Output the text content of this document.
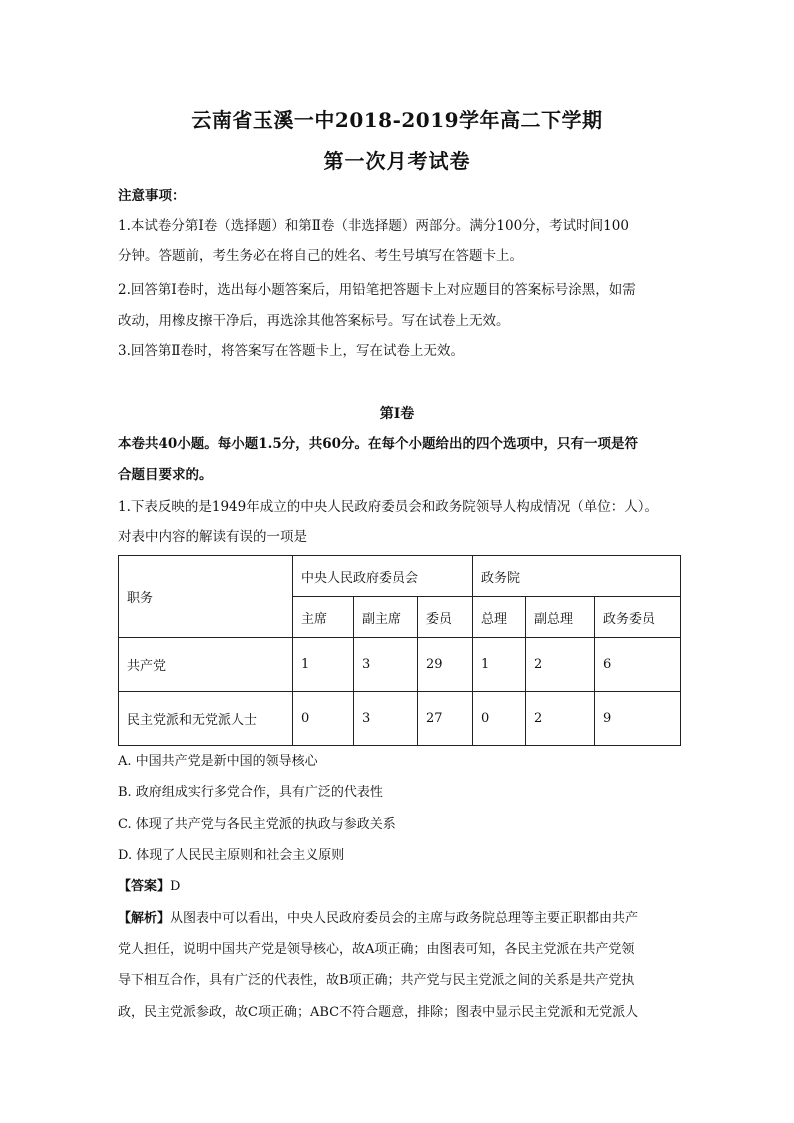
云南省玉溪一中2018-2019学年高二下学期
第一次月考试卷
注意事项：
1.本试卷分第Ⅰ卷（选择题）和第Ⅱ卷（非选择题）两部分。满分100分，考试时间100
分钟。答题前，考生务必在将自己的姓名、考生号填写在答题卡上。
2.回答第Ⅰ卷时，选出每小题答案后，用铅笔把答题卡上对应题目的答案标号涂黑，如需
改动，用橡皮擦干净后，再选涂其他答案标号。写在试卷上无效。
3.回答第Ⅱ卷时，将答案写在答题卡上，写在试卷上无效。
第Ⅰ卷
本卷共40小题。每小题1.5分，共60分。在每个小题给出的四个选项中，只有一项是符
合题目要求的。
1.下表反映的是1949年成立的中央人民政府委员会和政务院领导人构成情况（单位：人）。
对表中内容的解读有误的一项是
职务	中央人民政府委员会			政务院		
	主席	副主席	委员	总理	副总理	政务委员
共产党	1	3	29	1	2	6
民主党派和无党派人士	0	3	27	0	2	9
A. 中国共产党是新中国的领导核心
B. 政府组成实行多党合作，具有广泛的代表性
C. 体现了共产党与各民主党派的执政与参政关系
D. 体现了人民民主原则和社会主义原则
【答案】D
【解析】从图表中可以看出，中央人民政府委员会的主席与政务院总理等主要正职都由共产
党人担任，说明中国共产党是领导核心，故A项正确；由图表可知，各民主党派在共产党领
导下相互合作，具有广泛的代表性，故B项正确；共产党与民主党派之间的关系是共产党执
政，民主党派参政，故C项正确；ABC不符合题意，排除；图表中显示民主党派和无党派人
